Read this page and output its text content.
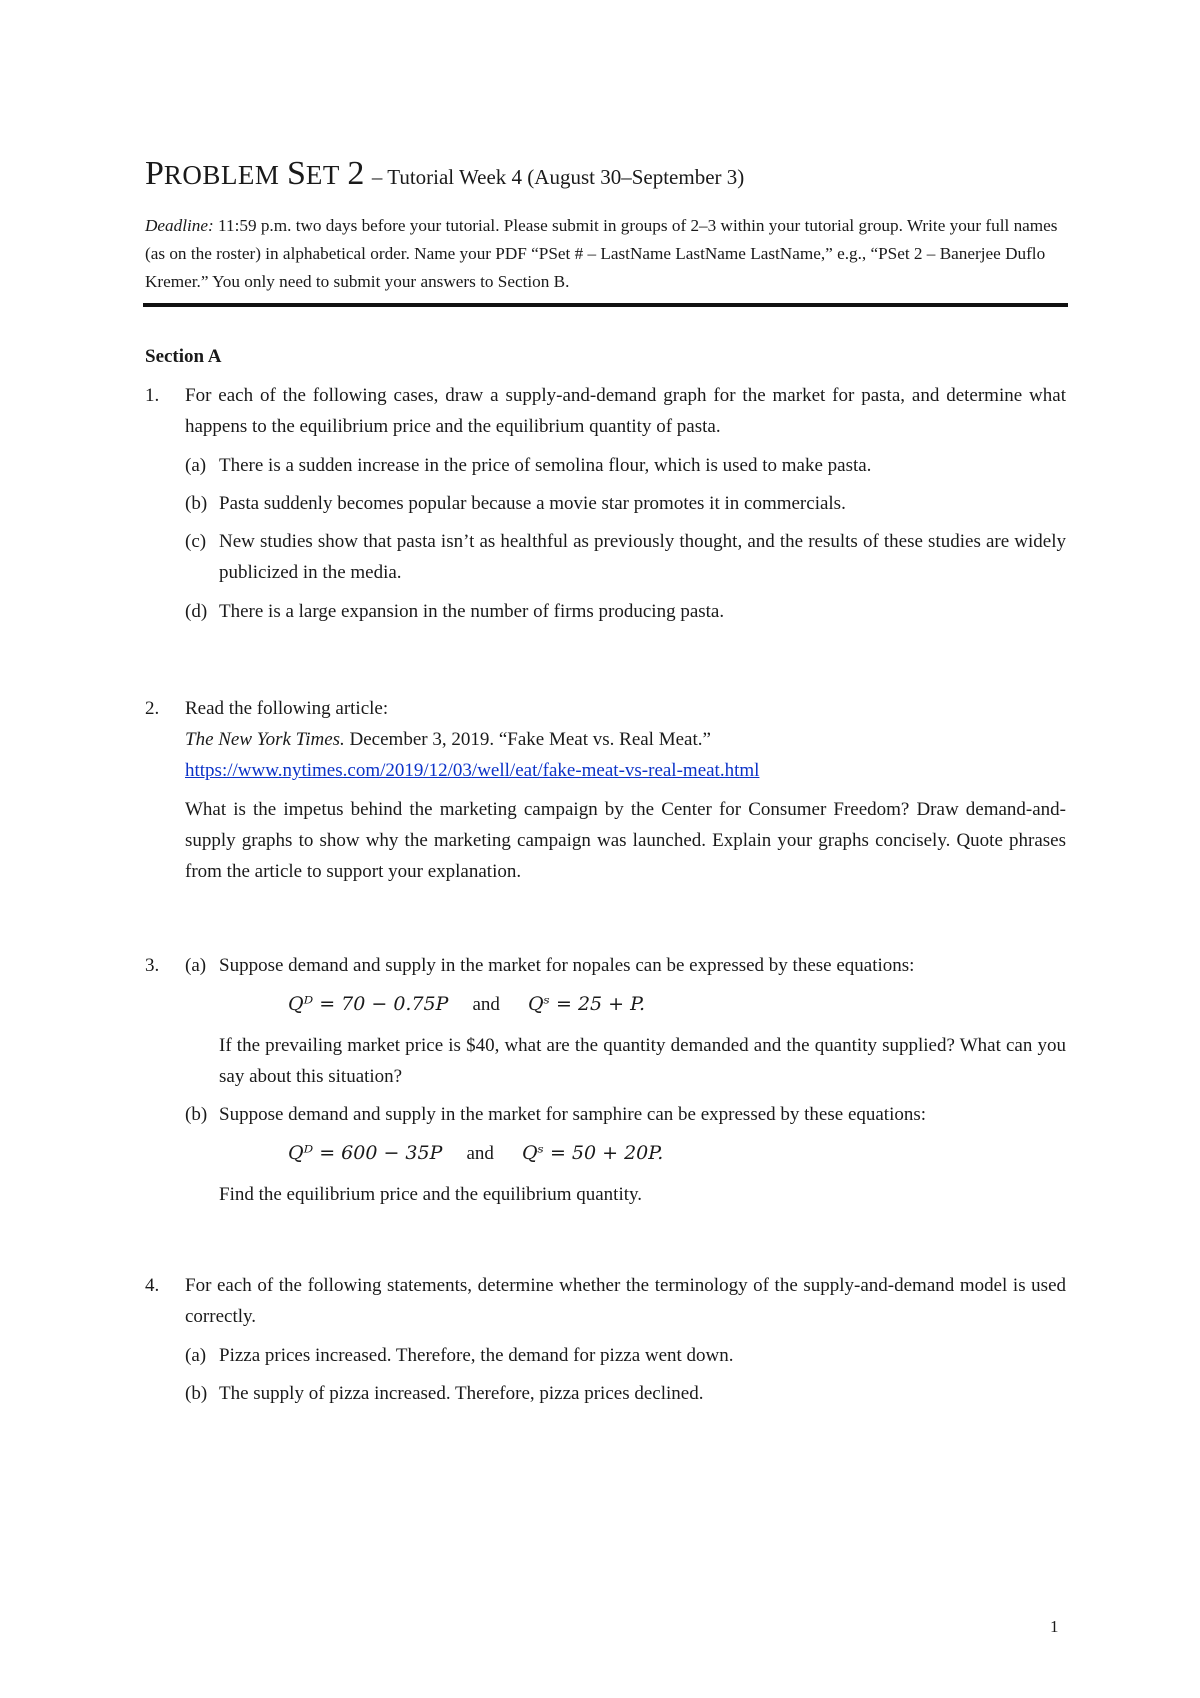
PROBLEM SET 2 – Tutorial Week 4 (August 30–September 3)
Deadline: 11:59 p.m. two days before your tutorial. Please submit in groups of 2–3 within your tutorial group. Write your full names (as on the roster) in alphabetical order. Name your PDF “PSet # – LastName LastName LastName,” e.g., “PSet 2 – Banerjee Duflo Kremer.” You only need to submit your answers to Section B.
Section A
1.	For each of the following cases, draw a supply-and-demand graph for the market for pasta, and determine what happens to the equilibrium price and the equilibrium quantity of pasta.
(a) There is a sudden increase in the price of semolina flour, which is used to make pasta.
(b) Pasta suddenly becomes popular because a movie star promotes it in commercials.
(c) New studies show that pasta isn’t as healthful as previously thought, and the results of these studies are widely publicized in the media.
(d) There is a large expansion in the number of firms producing pasta.
2.	Read the following article:
The New York Times. December 3, 2019. “Fake Meat vs. Real Meat.”
https://www.nytimes.com/2019/12/03/well/eat/fake-meat-vs-real-meat.html
What is the impetus behind the marketing campaign by the Center for Consumer Freedom? Draw demand-and-supply graphs to show why the marketing campaign was launched. Explain your graphs concisely. Quote phrases from the article to support your explanation.
3.	(a) Suppose demand and supply in the market for nopales can be expressed by these equations:
Qᴰ = 70 − 0.75P and Qˢ = 25 + P.
If the prevailing market price is $40, what are the quantity demanded and the quantity supplied? What can you say about this situation?
(b) Suppose demand and supply in the market for samphire can be expressed by these equations:
Qᴰ = 600 − 35P and Qˢ = 50 + 20P.
Find the equilibrium price and the equilibrium quantity.
4.	For each of the following statements, determine whether the terminology of the supply-and-demand model is used correctly.
(a) Pizza prices increased. Therefore, the demand for pizza went down.
(b) The supply of pizza increased. Therefore, pizza prices declined.
1
